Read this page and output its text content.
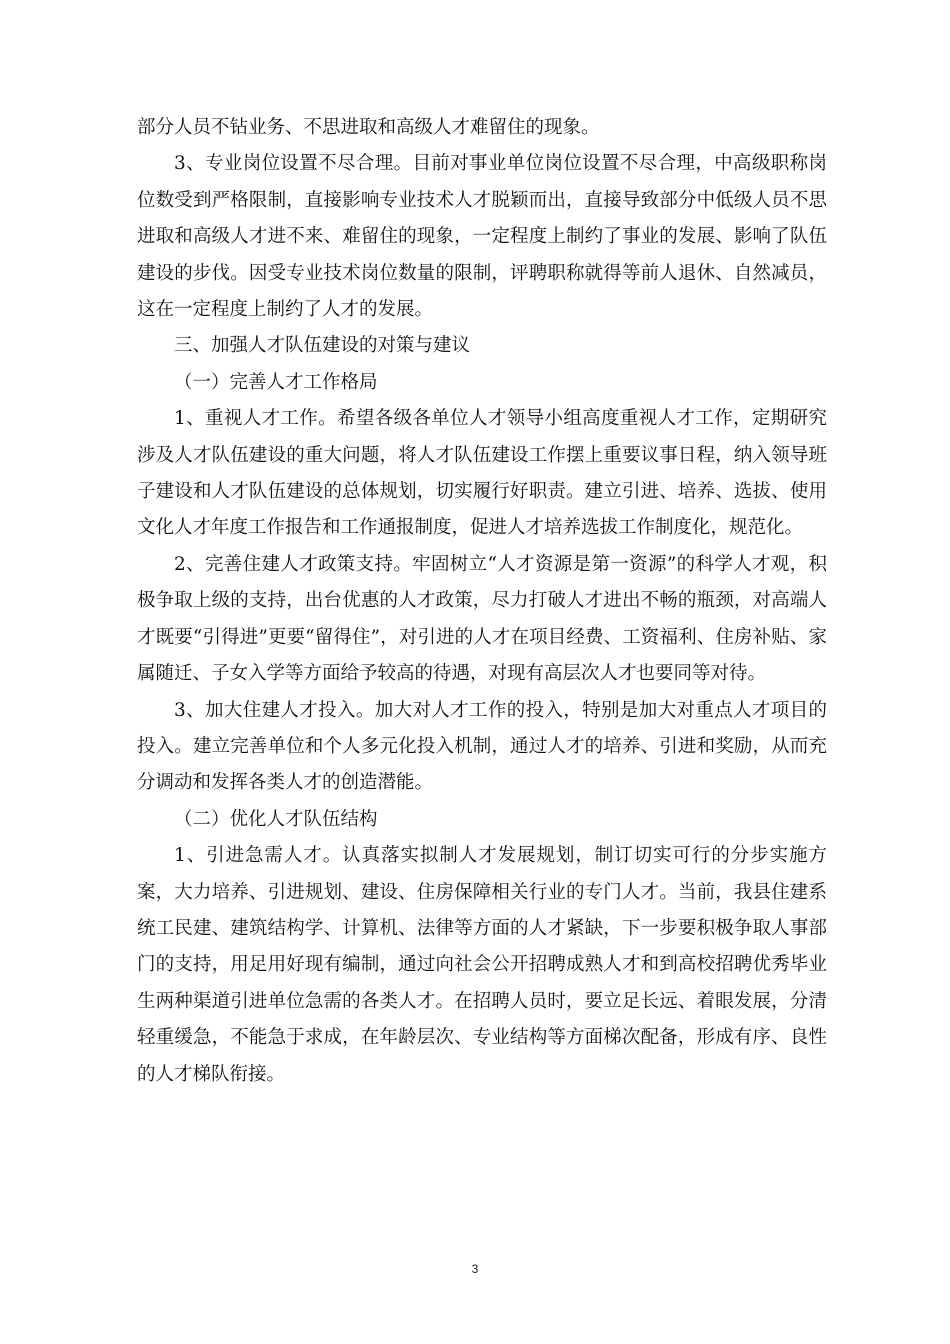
部分人员不钻业务、不思进取和高级人才难留住的现象。

3、专业岗位设置不尽合理。目前对事业单位岗位设置不尽合理，中高级职称岗位数受到严格限制，直接影响专业技术人才脱颖而出，直接导致部分中低级人员不思进取和高级人才进不来、难留住的现象，一定程度上制约了事业的发展、影响了队伍建设的步伐。因受专业技术岗位数量的限制，评聘职称就得等前人退休、自然减员，这在一定程度上制约了人才的发展。

三、加强人才队伍建设的对策与建议

（一）完善人才工作格局

1、重视人才工作。希望各级各单位人才领导小组高度重视人才工作，定期研究涉及人才队伍建设的重大问题，将人才队伍建设工作摆上重要议事日程，纳入领导班子建设和人才队伍建设的总体规划，切实履行好职责。建立引进、培养、选拔、使用文化人才年度工作报告和工作通报制度，促进人才培养选拔工作制度化，规范化。

2、完善住建人才政策支持。牢固树立“人才资源是第一资源”的科学人才观，积极争取上级的支持，出台优惠的人才政策，尽力打破人才进出不畅的瓶颈，对高端人才既要“引得进”更要“留得住”，对引进的人才在项目经费、工资福利、住房补贴、家属随迁、子女入学等方面给予较高的待遇，对现有高层次人才也要同等对待。

3、加大住建人才投入。加大对人才工作的投入，特别是加大对重点人才项目的投入。建立完善单位和个人多元化投入机制，通过人才的培养、引进和奖励，从而充分调动和发挥各类人才的创造潜能。

（二）优化人才队伍结构

1、引进急需人才。认真落实拟制人才发展规划，制订切实可行的分步实施方案，大力培养、引进规划、建设、住房保障相关行业的专门人才。当前，我县住建系统工民建、建筑结构学、计算机、法律等方面的人才紧缺，下一步要积极争取人事部门的支持，用足用好现有编制，通过向社会公开招聘成熟人才和到高校招聘优秀毕业生两种渠道引进单位急需的各类人才。在招聘人员时，要立足长远、着眼发展，分清轻重缓急，不能急于求成，在年龄层次、专业结构等方面梯次配备，形成有序、良性的人才梯队衔接。

3
